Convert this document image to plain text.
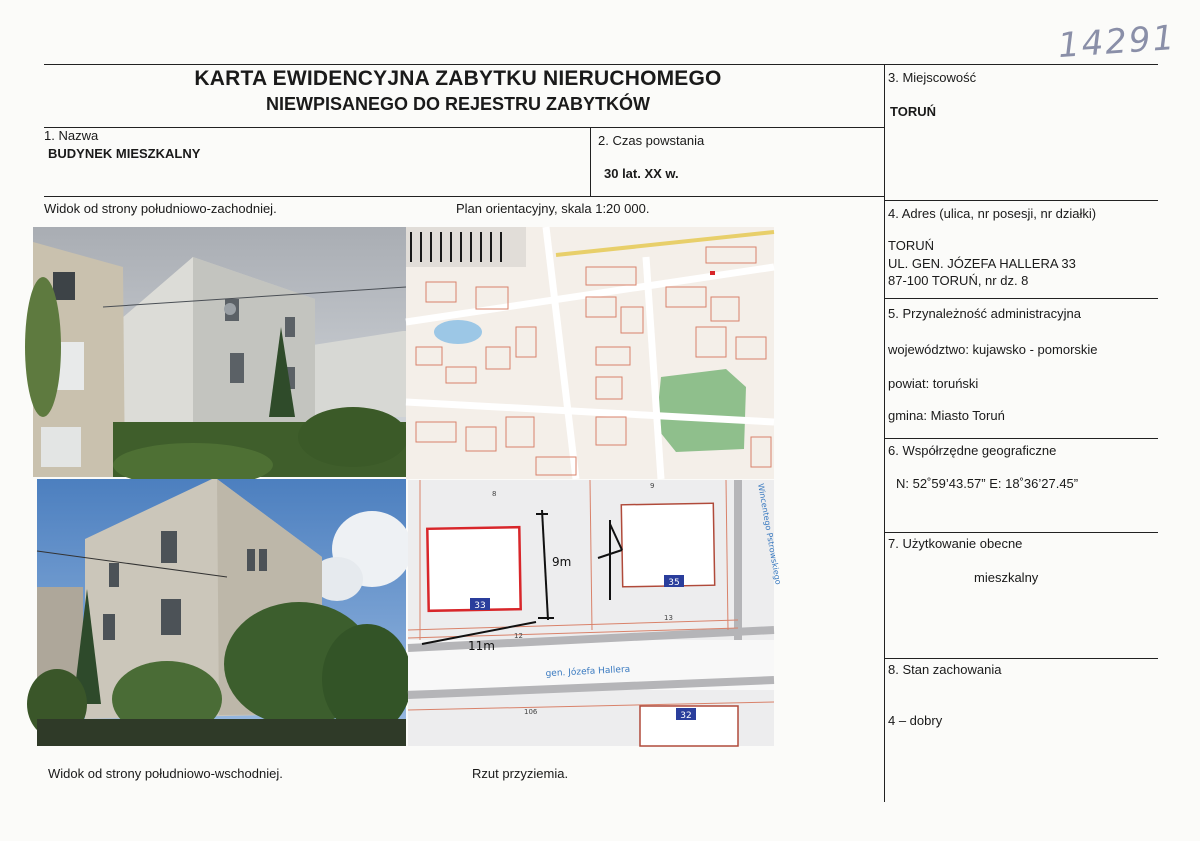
14291
KARTA EWIDENCYJNA ZABYTKU NIERUCHOMEGO
NIEWPISANEGO DO REJESTRU ZABYTKÓW
1. Nazwa
BUDYNEK MIESZKALNY
2. Czas powstania
30 lat. XX w.
3. Miejscowość
TORUŃ
4. Adres (ulica, nr posesji, nr działki)
TORUŃ
UL. GEN. JÓZEFA HALLERA 33
87-100 TORUŃ, nr dz. 8
5. Przynależność administracyjna
województwo: kujawsko - pomorskie
powiat: toruński
gmina: Miasto Toruń
6. Współrzędne geograficzne
N: 52˚59’43.57” E: 18˚36’27.45”
7. Użytkowanie obecne
mieszkalny
8. Stan zachowania
4 – dobry
Widok od strony południowo-zachodniej.	Plan orientacyjny, skala 1:20 000.
Widok od strony południowo-wschodniej.	Rzut przyziemia.
33
35
32
9m
11m
8
9
12
13
106
gen. Józefa Hallera
Wincentego Pstrowskiego
